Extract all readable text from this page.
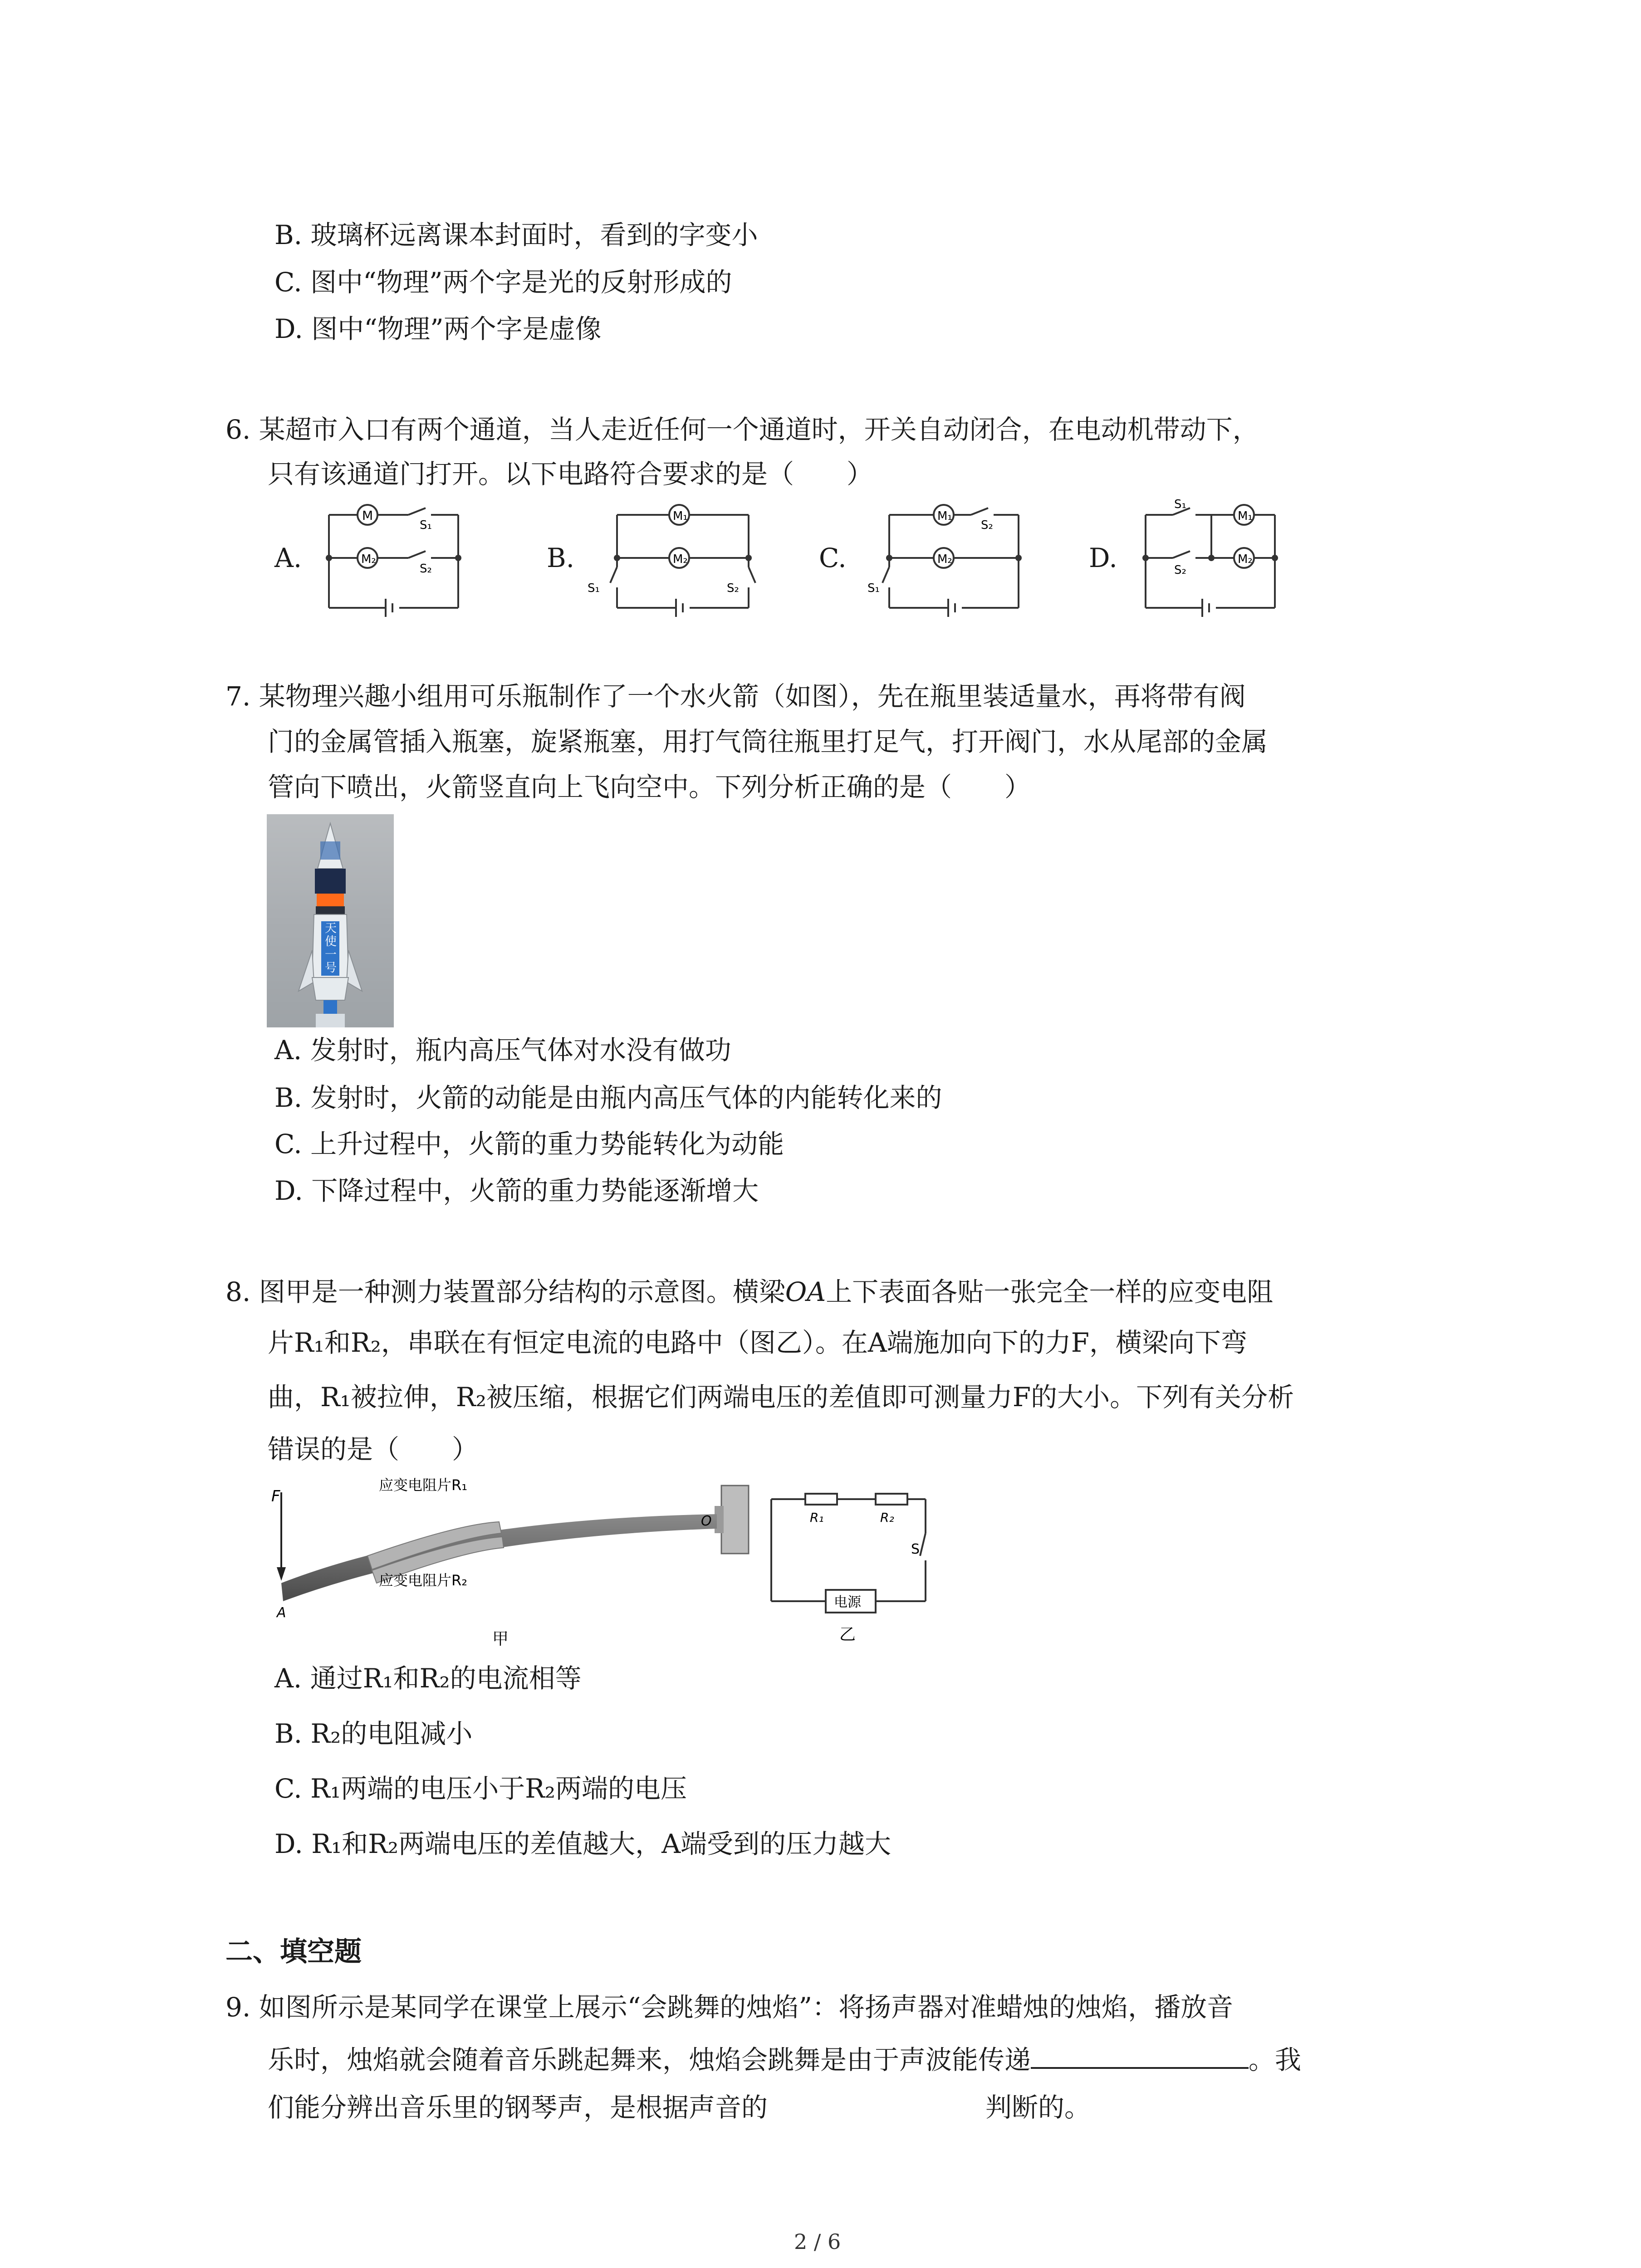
B. 玻璃杯远离课本封面时，看到的字变小
C. 图中“物理”两个字是光的反射形成的
D. 图中“物理”两个字是虚像
6. 某超市入口有两个通道，当人走近任何一个通道时，开关自动闭合，在电动机带动下，
只有该通道门打开。以下电路符合要求的是（　　）
A.	B.	C.	D.
M
M₂
S₁
S₂
M₁
M₂
S₁	S₂
M₁
M₂
S₂
S₁
M₁
M₂
S₁
S₂
7. 某物理兴趣小组用可乐瓶制作了一个水火箭（如图），先在瓶里装适量水，再将带有阀
门的金属管插入瓶塞，旋紧瓶塞，用打气筒往瓶里打足气，打开阀门，水从尾部的金属
管向下喷出，火箭竖直向上飞向空中。下列分析正确的是（　　）
天
使
一
号
A. 发射时，瓶内高压气体对水没有做功
B. 发射时，火箭的动能是由瓶内高压气体的内能转化来的
C. 上升过程中，火箭的重力势能转化为动能
D. 下降过程中，火箭的重力势能逐渐增大
8. 图甲是一种测力装置部分结构的示意图。横梁OA上下表面各贴一张完全一样的应变电阻
片R₁和R₂，串联在有恒定电流的电路中（图乙）。在A端施加向下的力F，横梁向下弯
曲，R₁被拉伸，R₂被压缩，根据它们两端电压的差值即可测量力F的大小。下列有关分析
错误的是（　　）
F
A
O
应变电阻片R₁
应变电阻片R₂
甲
R₁	R₂
S
电源
乙
A. 通过R₁和R₂的电流相等
B. R₂的电阻减小
C. R₁两端的电压小于R₂两端的电压
D. R₁和R₂两端电压的差值越大，A端受到的压力越大
二、填空题
9. 如图所示是某同学在课堂上展示“会跳舞的烛焰”：将扬声器对准蜡烛的烛焰，播放音
乐时，烛焰就会随着音乐跳起舞来，烛焰会跳舞是由于声波能传递	。我
们能分辨出音乐里的钢琴声，是根据声音的	判断的。
2 / 6
